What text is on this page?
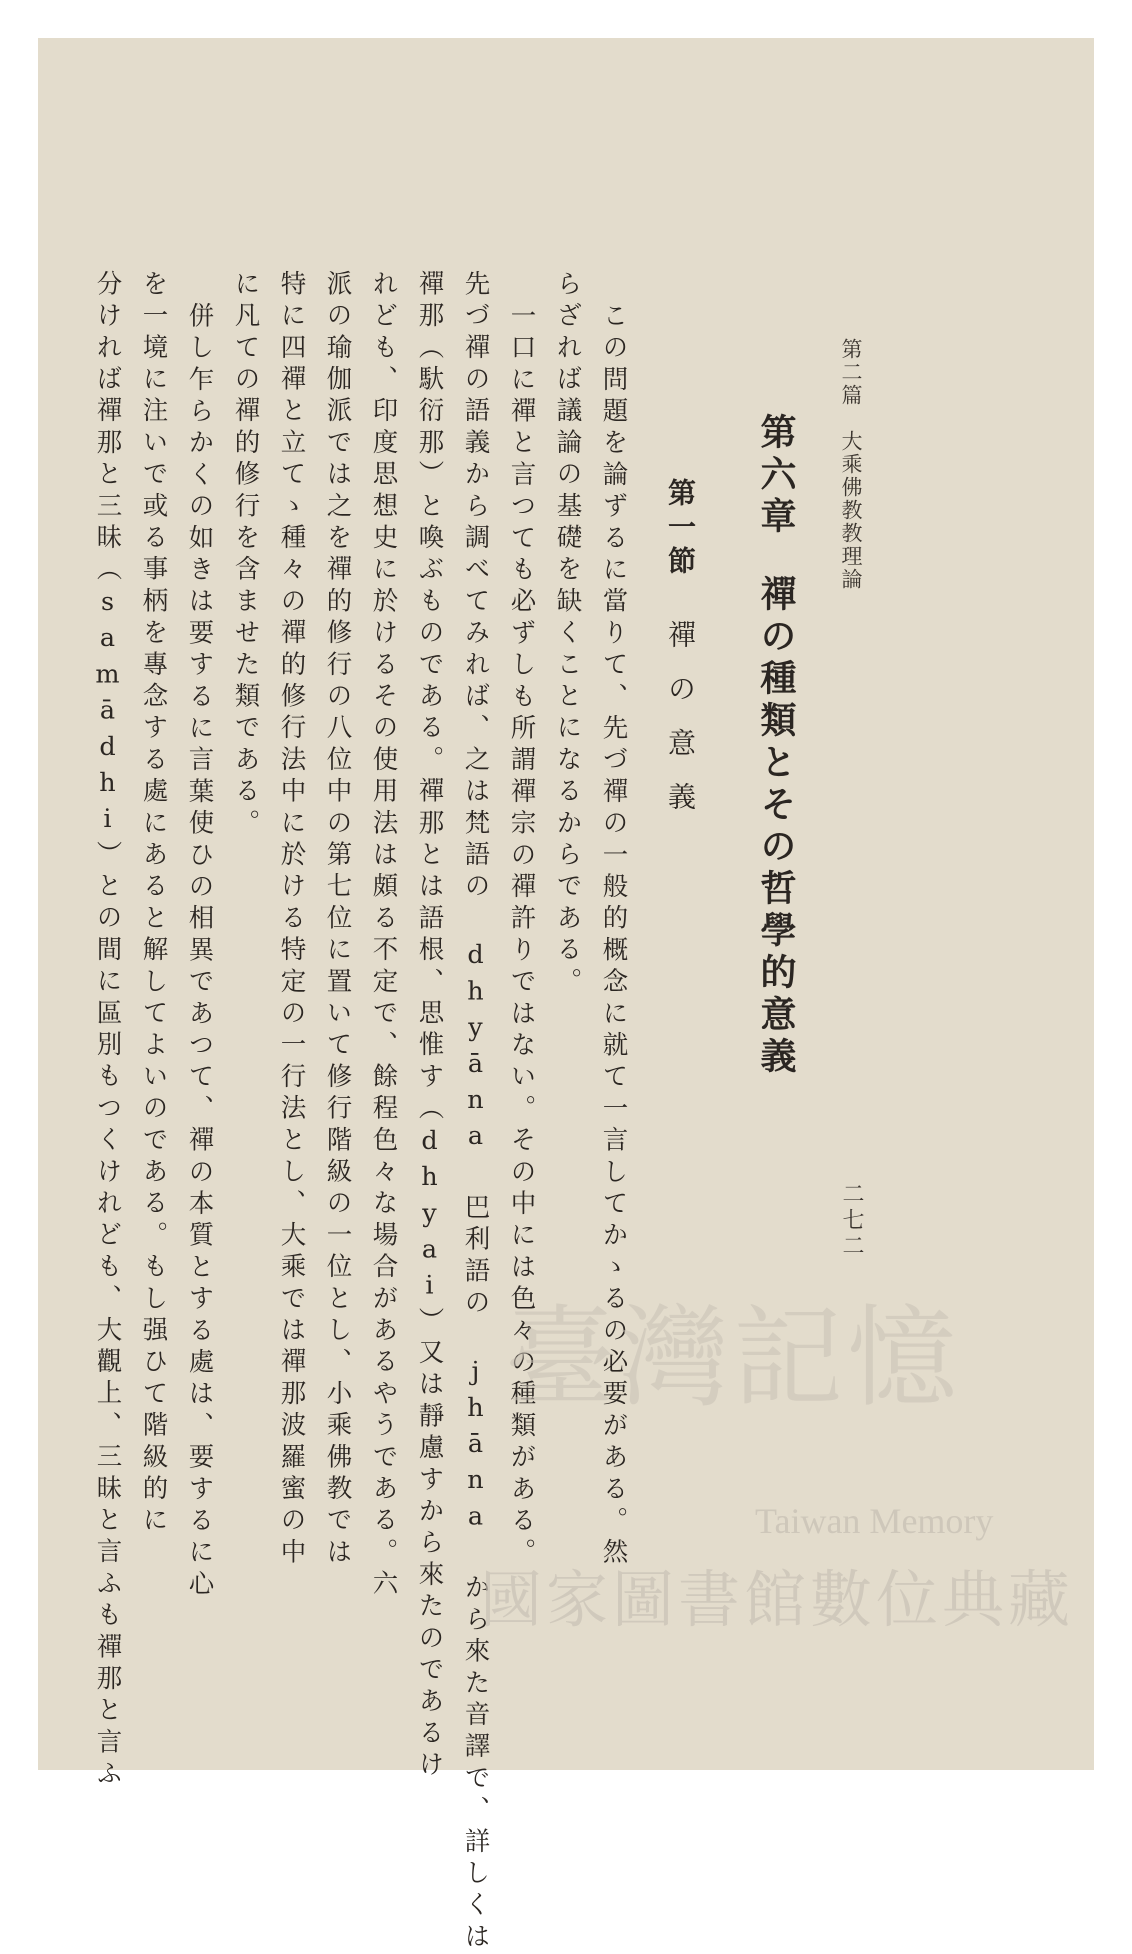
第二篇　大乘佛教教理論
二七二
第六章禪の種類とその哲學的意義
第一節禪の意義
この問題を論ずるに當りて、先づ禪の一般的概念に就て一言してかゝるの必要がある。然
らざれば議論の基礎を缺くことになるからである。
一口に禪と言つても必ずしも所謂禪宗の禪許りではない。その中には色々の種類がある。
先づ禪の語義から調べてみれば、之は梵語の dhyāna 巴利語の jhāna から來た音譯で、詳しくは
禪那（馱衍那）と喚ぶものである。禪那とは語根、思惟す（dhyai）又は靜慮すから來たのであるけ
れども、印度思想史に於けるその使用法は頗る不定で、餘程色々な場合があるやうである。六
派の瑜伽派では之を禪的修行の八位中の第七位に置いて修行階級の一位とし、小乘佛教では
特に四禪と立てゝ種々の禪的修行法中に於ける特定の一行法とし、大乘では禪那波羅蜜の中
に凡ての禪的修行を含ませた類である。
併し乍らかくの如きは要するに言葉使ひの相異であつて、禪の本質とする處は、要するに心
を一境に注いで或る事柄を專念する處にあると解してよいのである。もし强ひて階級的に
分ければ禪那と三昧（samādhi）との間に區別もつくけれども、大觀上、三昧と言ふも禪那と言ふ	臺灣記憶
Taiwan Memory
國家圖書館數位典藏
